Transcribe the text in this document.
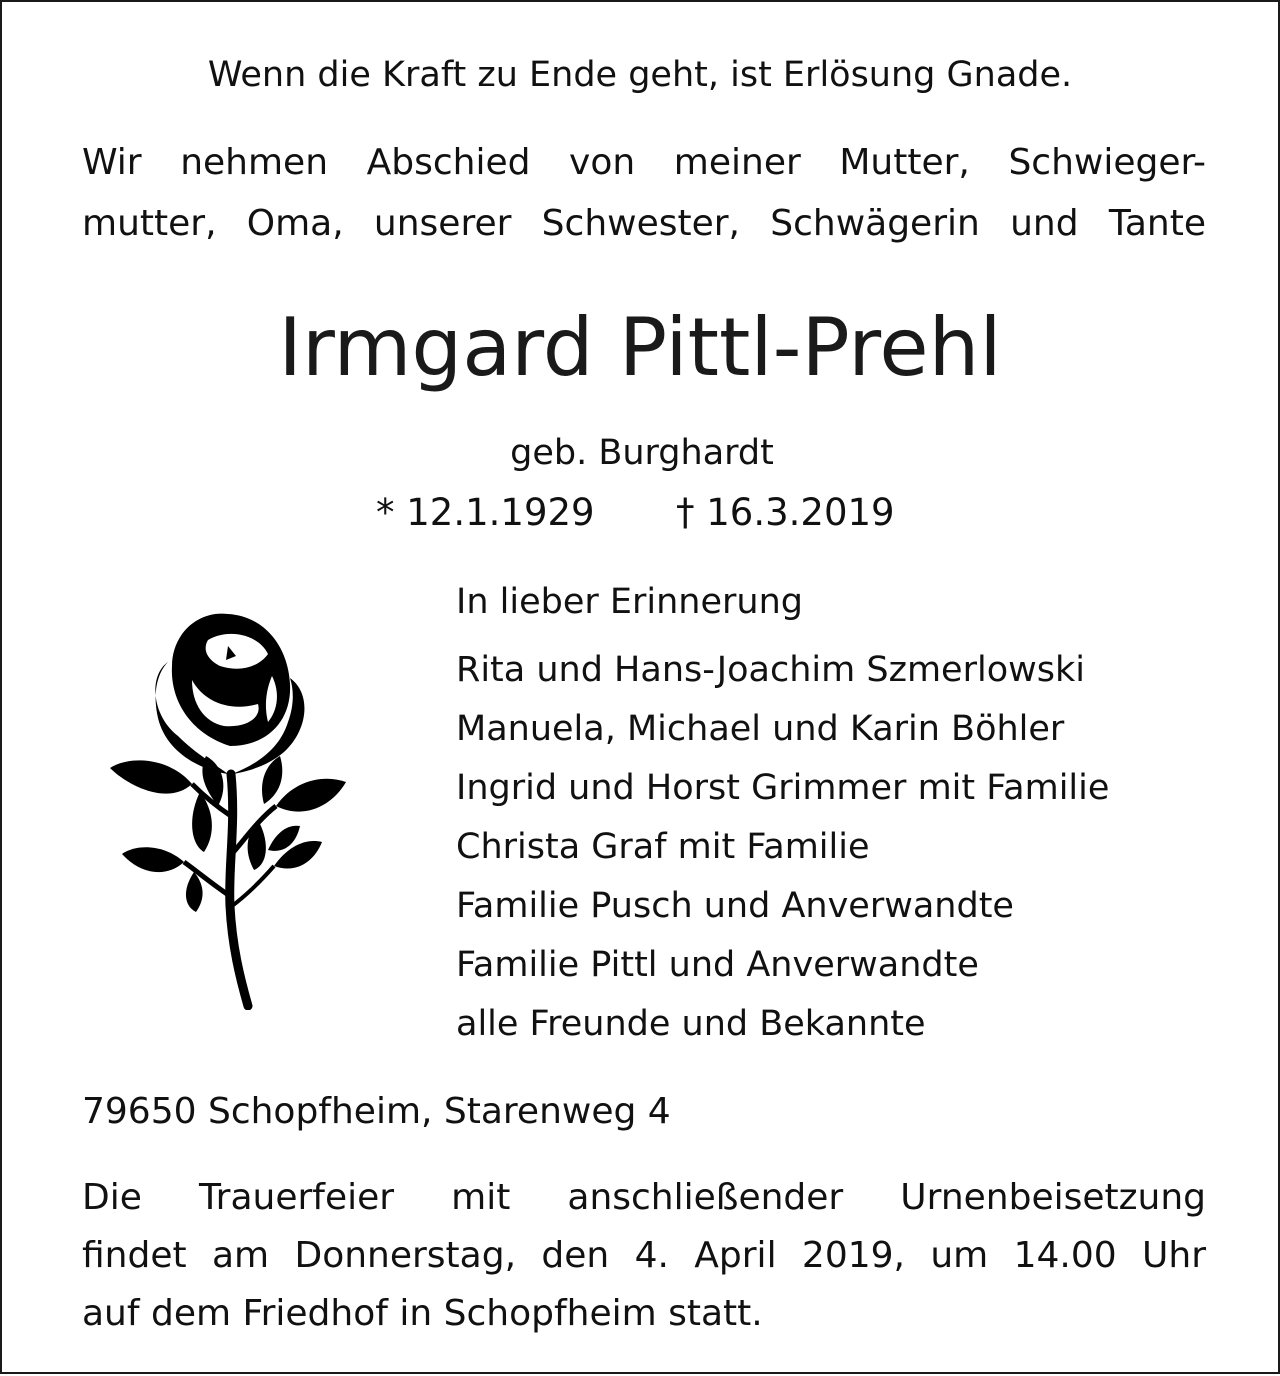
Wenn die Kraft zu Ende geht, ist Erlösung Gnade.
Wir nehmen Abschied von meiner Mutter, Schwieger-
mutter, Oma, unserer Schwester, Schwägerin und Tante
Irmgard Pittl-Prehl
geb. Burghardt
* 12.1.1929 † 16.3.2019
In lieber Erinnerung
Rita und Hans-Joachim Szmerlowski
Manuela, Michael und Karin Böhler
Ingrid und Horst Grimmer mit Familie
Christa Graf mit Familie
Familie Pusch und Anverwandte
Familie Pittl und Anverwandte
alle Freunde und Bekannte
79650 Schopfheim, Starenweg 4
Die Trauerfeier mit anschließender Urnenbeisetzung
findet am Donnerstag, den 4. April 2019, um 14.00 Uhr
auf dem Friedhof in Schopfheim statt.
